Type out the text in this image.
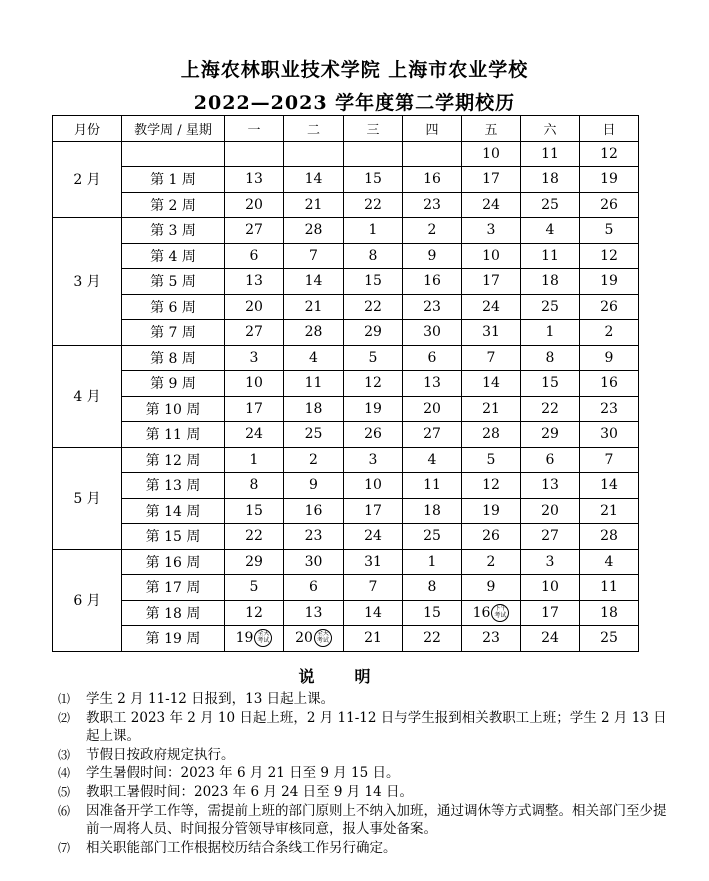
上海农林职业技术学院 上海市农业学校
2022—2023 学年度第二学期校历
月份	教学周 / 星期	一	二	三	四	五	六	日
2 月						10	11	12
	第 1 周	13	14	15	16	17	18	19
	第 2 周	20	21	22	23	24	25	26
3 月	第 3 周	27	28	1	2	3	4	5
	第 4 周	6	7	8	9	10	11	12
	第 5 周	13	14	15	16	17	18	19
	第 6 周	20	21	22	23	24	25	26
	第 7 周	27	28	29	30	31	1	2
4 月	第 8 周	3	4	5	6	7	8	9
	第 9 周	10	11	12	13	14	15	16
	第 10 周	17	18	19	20	21	22	23
	第 11 周	24	25	26	27	28	29	30
5 月	第 12 周	1	2	3	4	5	6	7
	第 13 周	8	9	10	11	12	13	14
	第 14 周	15	16	17	18	19	20	21
	第 15 周	22	23	24	25	26	27	28
6 月	第 16 周	29	30	31	1	2	3	4
	第 17 周	5	6	7	8	9	10	11
	第 18 周	12	13	14	15	16 下午考试	17	18
	第 19 周	19 全天考试	20 全天考试	21	22	23	24	25
说明
⑴	学生 2 月 11-12 日报到，13 日起上课。
⑵	教职工 2023 年 2 月 10 日起上班，2 月 11-12 日与学生报到相关教职工上班；学生 2 月 13 日起上课。
⑶	节假日按政府规定执行。
⑷	学生暑假时间：2023 年 6 月 21 日至 9 月 15 日。
⑸	教职工暑假时间：2023 年 6 月 24 日至 9 月 14 日。
⑹	因准备开学工作等，需提前上班的部门原则上不纳入加班，通过调休等方式调整。相关部门至少提前一周将人员、时间报分管领导审核同意，报人事处备案。
⑺	相关职能部门工作根据校历结合条线工作另行确定。
